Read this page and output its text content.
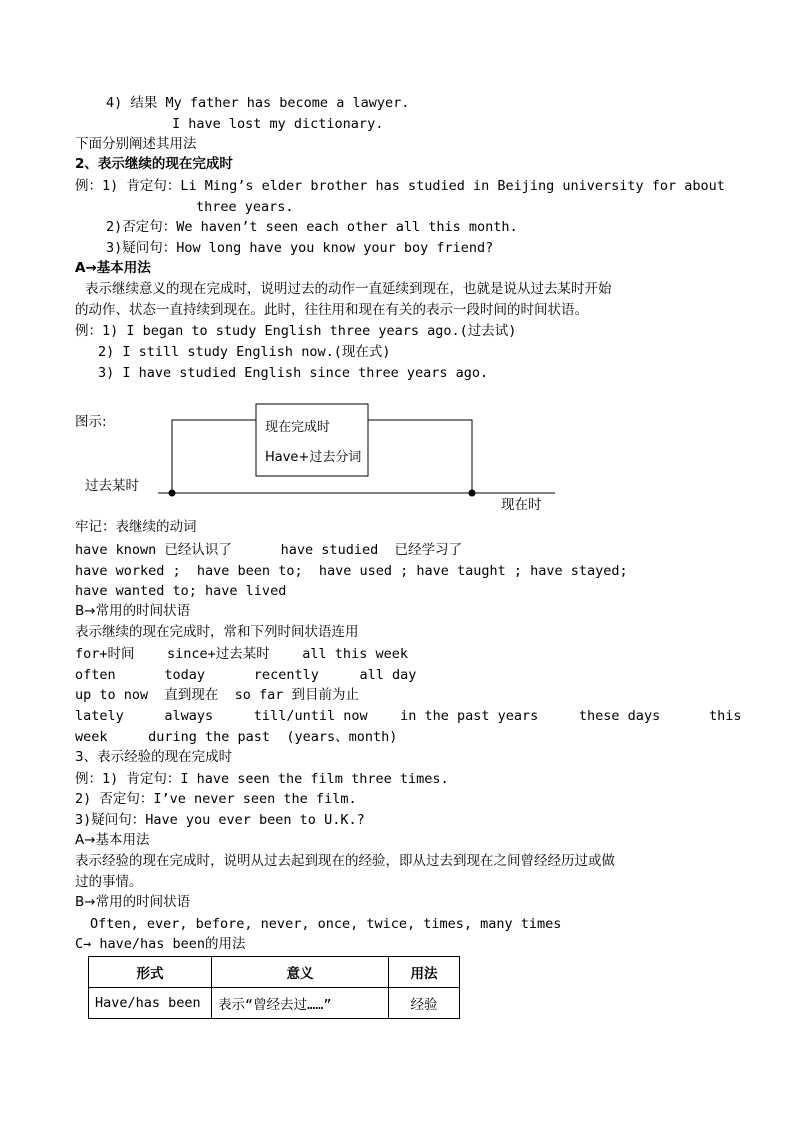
4) 结果 My father has become a lawyer.
I have lost my dictionary.
下面分别阐述其用法
2、表示继续的现在完成时
例：1) 肯定句：Li Ming’s elder brother has studied in Beijing university for about
three years.
2)否定句：We haven’t seen each other all this month.
3)疑问句：How long have you know your boy friend?
A→基本用法
表示继续意义的现在完成时，说明过去的动作一直延续到现在，也就是说从过去某时开始
的动作、状态一直持续到现在。此时，往往用和现在有关的表示一段时间的时间状语。
例：1) I began to study English three years ago.(过去试)
2) I still study English now.(现在式)
3) I have studied English since three years ago.
图示:	现在完成时
Have+过去分词
过去某时
现在时
牢记：表继续的动词
have known 已经认识了      have studied  已经学习了
have worked ;  have been to;  have used ; have taught ; have stayed;
have wanted to; have lived
B→常用的时间状语
表示继续的现在完成时，常和下列时间状语连用
for+时间    since+过去某时    all this week
often      today      recently     all day
up to now  直到现在  so far 到目前为止
lately     always     till/until now    in the past years     these days      this
week     during the past  (years、month)
3、表示经验的现在完成时
例：1) 肯定句：I have seen the film three times.
2) 否定句：I’ve never seen the film.
3)疑问句：Have you ever been to U.K.?
A→基本用法
表示经验的现在完成时，说明从过去起到现在的经验，即从过去到现在之间曾经经历过或做
过的事情。
B→常用的时间状语
Often, ever, before, never, once, twice, times, many times
C→ have/has been的用法
形式	意义	用法
Have/has been	表示“曾经去过……”	经验
